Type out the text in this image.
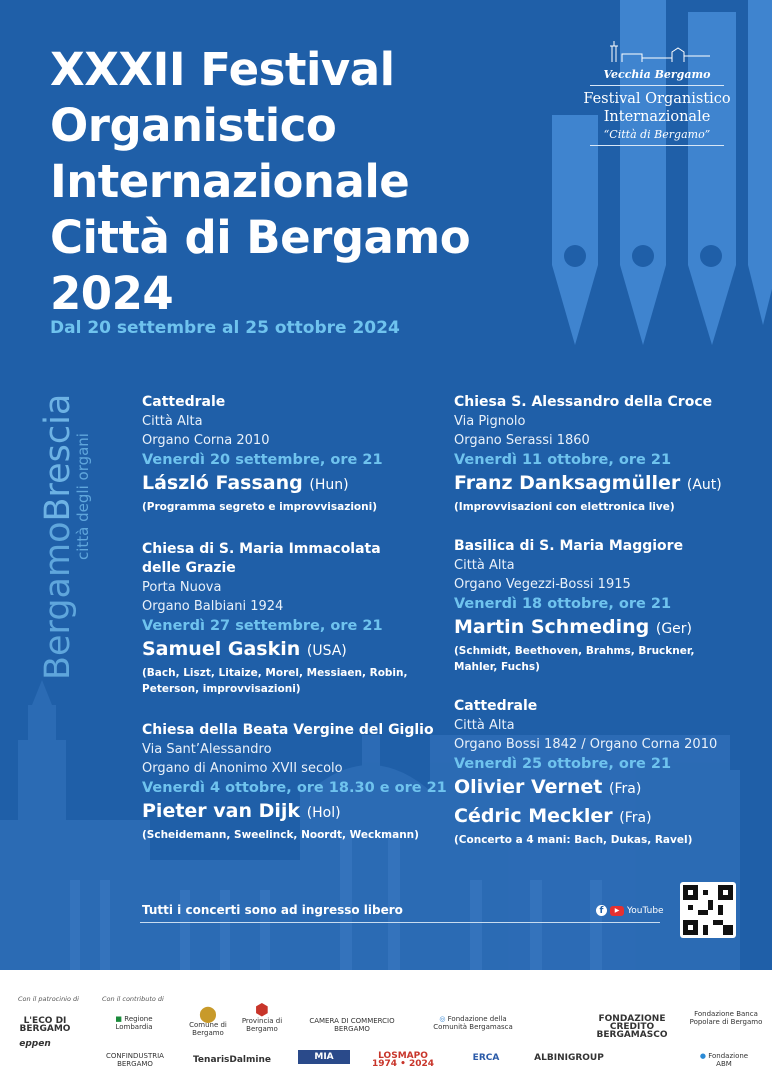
XXXII Festival
Organistico
Internazionale
Città di Bergamo
2024
Dal 20 settembre al 25 ottobre 2024
Vecchia Bergamo
Festival Organistico
Internazionale
“Città di Bergamo”
BergamoBrescia
città degli organi
Cattedrale
Città Alta
Organo Corna 2010
Venerdì 20 settembre, ore 21
László Fassang (Hun)
(Programma segreto e improvvisazioni)
Chiesa di S. Maria Immacolata
delle Grazie
Porta Nuova
Organo Balbiani 1924
Venerdì 27 settembre, ore 21
Samuel Gaskin (USA)
(Bach, Liszt, Litaize, Morel, Messiaen, Robin,
Peterson, improvvisazioni)
Chiesa della Beata Vergine del Giglio
Via Sant’Alessandro
Organo di Anonimo XVII secolo
Venerdì 4 ottobre, ore 18.30 e ore 21
Pieter van Dijk (Hol)
(Scheidemann, Sweelinck, Noordt, Weckmann)
Chiesa S. Alessandro della Croce
Via Pignolo
Organo Serassi 1860
Venerdì 11 ottobre, ore 21
Franz Danksagmüller (Aut)
(Improvvisazioni con elettronica live)
Basilica di S. Maria Maggiore
Città Alta
Organo Vegezzi-Bossi 1915
Venerdì 18 ottobre, ore 21
Martin Schmeding (Ger)
(Schmidt, Beethoven, Brahms, Bruckner,
Mahler, Fuchs)
Cattedrale
Città Alta
Organo Bossi 1842 / Organo Corna 2010
Venerdì 25 ottobre, ore 21
Olivier Vernet (Fra)
Cédric Meckler (Fra)
(Concerto a 4 mani: Bach, Dukas, Ravel)
Tutti i concerti sono ad ingresso libero	f	▶ YouTube
Con il patrocinio di	Con il contributo di
L'ECO DI BERGAMO
■ Regione Lombardia
⬤
Comune di Bergamo
⬢
Provincia di Bergamo
CAMERA DI COMMERCIO BERGAMO
◎ Fondazione della Comunità Bergamasca
FONDAZIONE CREDITO BERGAMASCO
Fondazione Banca Popolare di Bergamo
eppen
CONFINDUSTRIA BERGAMO	TenarisDalmine	MIA	LOSMAPO 1974 • 2024
ERCA	ALBINIGROUP	● Fondazione ABM
